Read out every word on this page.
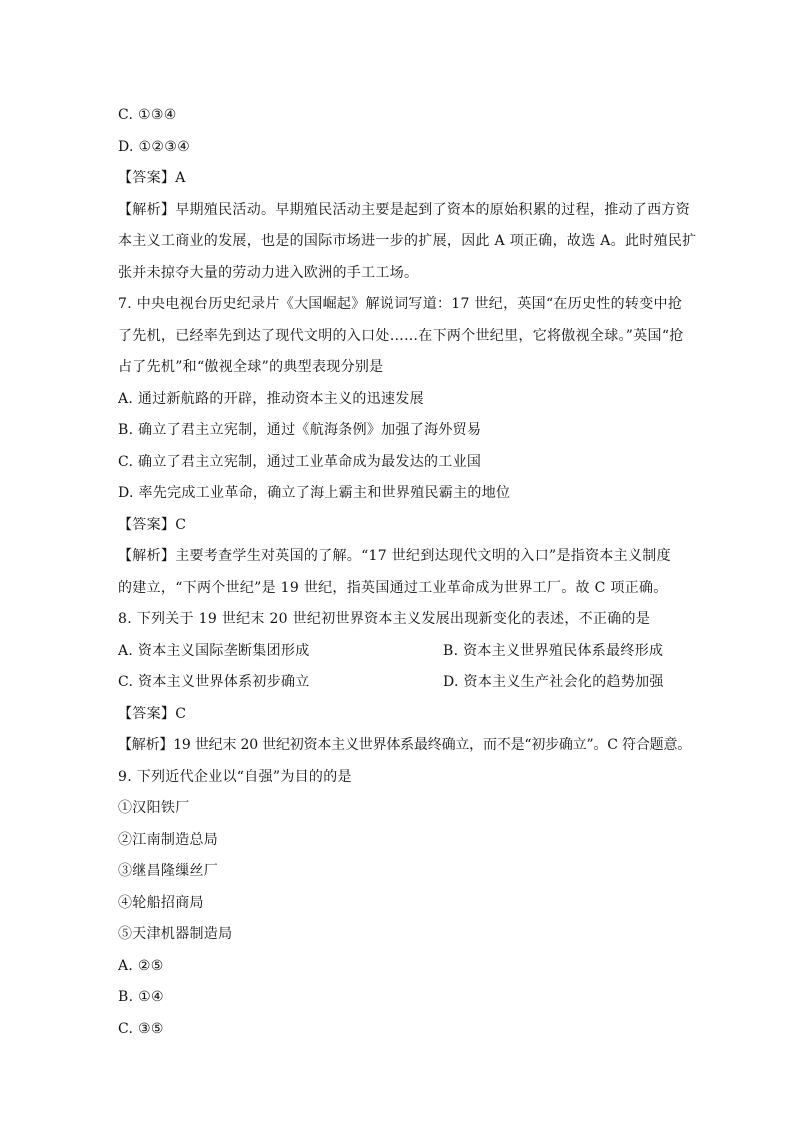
C. ①③④
D. ①②③④
【答案】A
【解析】早期殖民活动。早期殖民活动主要是起到了资本的原始积累的过程，推动了西方资
本主义工商业的发展，也是的国际市场进一步的扩展，因此 A 项正确，故选 A。此时殖民扩
张并未掠夺大量的劳动力进入欧洲的手工工场。
7. 中央电视台历史纪录片《大国崛起》解说词写道：17 世纪，英国“在历史性的转变中抢
了先机，已经率先到达了现代文明的入口处……在下两个世纪里，它将傲视全球。”英国“抢
占了先机”和“傲视全球”的典型表现分别是
A. 通过新航路的开辟，推动资本主义的迅速发展
B. 确立了君主立宪制，通过《航海条例》加强了海外贸易
C. 确立了君主立宪制，通过工业革命成为最发达的工业国
D. 率先完成工业革命，确立了海上霸主和世界殖民霸主的地位
【答案】C
【解析】主要考查学生对英国的了解。“17 世纪到达现代文明的入口”是指资本主义制度
的建立，“下两个世纪”是 19 世纪，指英国通过工业革命成为世界工厂。故 C 项正确。
8. 下列关于 19 世纪末 20 世纪初世界资本主义发展出现新变化的表述，不正确的是
A. 资本主义国际垄断集团形成	B. 资本主义世界殖民体系最终形成
C. 资本主义世界体系初步确立	D. 资本主义生产社会化的趋势加强
【答案】C
【解析】19 世纪末 20 世纪初资本主义世界体系最终确立，而不是“初步确立”。C 符合题意。
9. 下列近代企业以“自强”为目的的是
①汉阳铁厂
②江南制造总局
③继昌隆缫丝厂
④轮船招商局
⑤天津机器制造局
A. ②⑤
B. ①④
C. ③⑤
